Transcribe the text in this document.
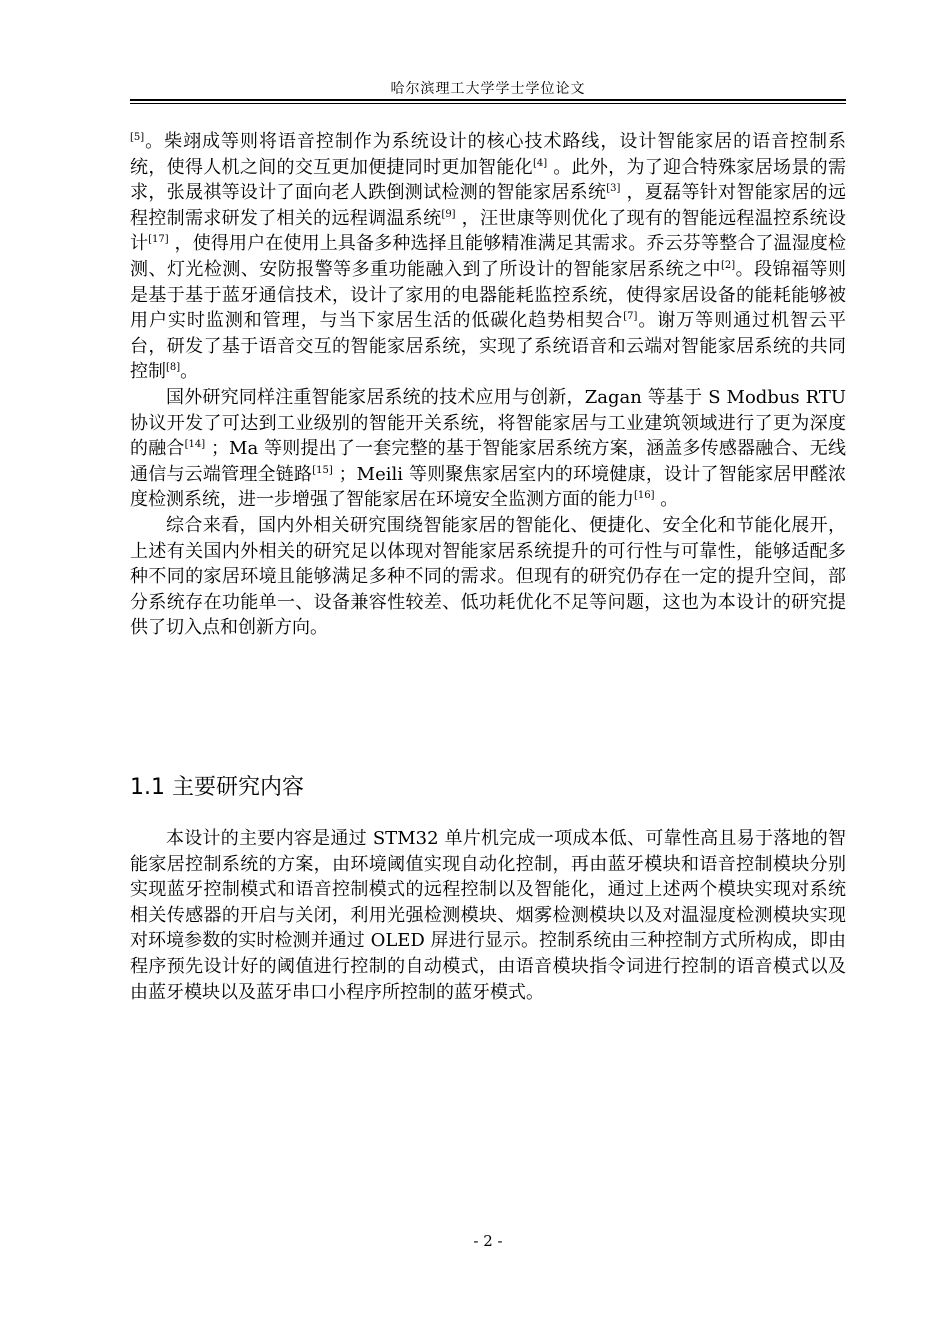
哈尔滨理工大学学士学位论文

[5]。柴翊成等则将语音控制作为系统设计的核心技术路线，设计智能家居的语音控制系统，使得人机之间的交互更加便捷同时更加智能化[4] 。此外，为了迎合特殊家居场景的需求，张晟祺等设计了面向老人跌倒测试检测的智能家居系统[3] ，夏磊等针对智能家居的远程控制需求研发了相关的远程调温系统[9] ，汪世康等则优化了现有的智能远程温控系统设计[17] ，使得用户在使用上具备多种选择且能够精准满足其需求。乔云芬等整合了温湿度检测、灯光检测、安防报警等多重功能融入到了所设计的智能家居系统之中[2]。段锦福等则是基于基于蓝牙通信技术，设计了家用的电器能耗监控系统，使得家居设备的能耗能够被用户实时监测和管理，与当下家居生活的低碳化趋势相契合[7]。谢万等则通过机智云平台，研发了基于语音交互的智能家居系统，实现了系统语音和云端对智能家居系统的共同控制[8]。

国外研究同样注重智能家居系统的技术应用与创新，Zagan 等基于 S Modbus RTU 协议开发了可达到工业级别的智能开关系统，将智能家居与工业建筑领域进行了更为深度的融合[14] ；Ma 等则提出了一套完整的基于智能家居系统方案，涵盖多传感器融合、无线通信与云端管理全链路[15] ；Meili 等则聚焦家居室内的环境健康，设计了智能家居甲醛浓度检测系统，进一步增强了智能家居在环境安全监测方面的能力[16] 。

综合来看，国内外相关研究围绕智能家居的智能化、便捷化、安全化和节能化展开，上述有关国内外相关的研究足以体现对智能家居系统提升的可行性与可靠性，能够适配多种不同的家居环境且能够满足多种不同的需求。但现有的研究仍存在一定的提升空间，部分系统存在功能单一、设备兼容性较差、低功耗优化不足等问题，这也为本设计的研究提供了切入点和创新方向。

1.1 主要研究内容

本设计的主要内容是通过 STM32 单片机完成一项成本低、可靠性高且易于落地的智能家居控制系统的方案，由环境阈值实现自动化控制，再由蓝牙模块和语音控制模块分别实现蓝牙控制模式和语音控制模式的远程控制以及智能化，通过上述两个模块实现对系统相关传感器的开启与关闭，利用光强检测模块、烟雾检测模块以及对温湿度检测模块实现对环境参数的实时检测并通过 OLED 屏进行显示。控制系统由三种控制方式所构成，即由程序预先设计好的阈值进行控制的自动模式，由语音模块指令词进行控制的语音模式以及由蓝牙模块以及蓝牙串口小程序所控制的蓝牙模式。

- 2 -
